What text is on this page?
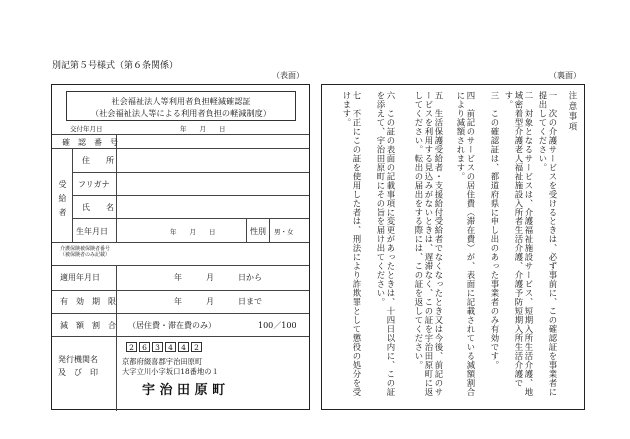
別記第５号様式（第６条関係）
（表面）	（裏面）
社会福祉法人等利用者負担軽減確認証
（社会福祉法人等による利用者負担の軽減制度）
交付年月日	年　　月　　日
確　認　番　号
受給者
住　　所
フリガナ
氏　　名
生年月日	年　　月　　日	性別 男・女
介護保険被保険者番号
（被保険者のみ記載）
適用年月日	年　　　月　　　日から
有　効　期　限	年　　　月　　　日まで
減　額　割　合 （居住費・滞在費のみ）	100／100
発行機関名
及　び　印
2	6	3	4	4	2
京都府綴喜郡宇治田原町
大字立川小字坂口18番地の１
宇 治 田 原 町
注意事項
一　次の介護サービスを受けるときは、必ず事前に、この確認証を事業者に提出してください。
二　対象となるサービスは、介護福祉施設サービス、短期入所生活介護、地域密着型介護老人福祉施設入所者生活介護、介護予防短期入所生活介護です。
三　この確認証は、都道府県に申し出のあった事業者のみ有効です。
四　前記のサービスの居住費（滞在費）が、表面に記載されている減額割合により減額されます。
五　生活保護受給者・支援給付受給者でなくなったとき又は今後、前記のサービスを利用する見込みがないときは、遅滞なく、この証を宇治田原町に返してください。転出の届出をする際には、この証を返してください。
六　この証の表面の記載事項に変更があったときは、十四日以内に、この証を添えて、宇治田原町にその旨を届け出てください。
七　不正にこの証を使用した者は、刑法により詐欺罪として懲役の処分を受けます。
